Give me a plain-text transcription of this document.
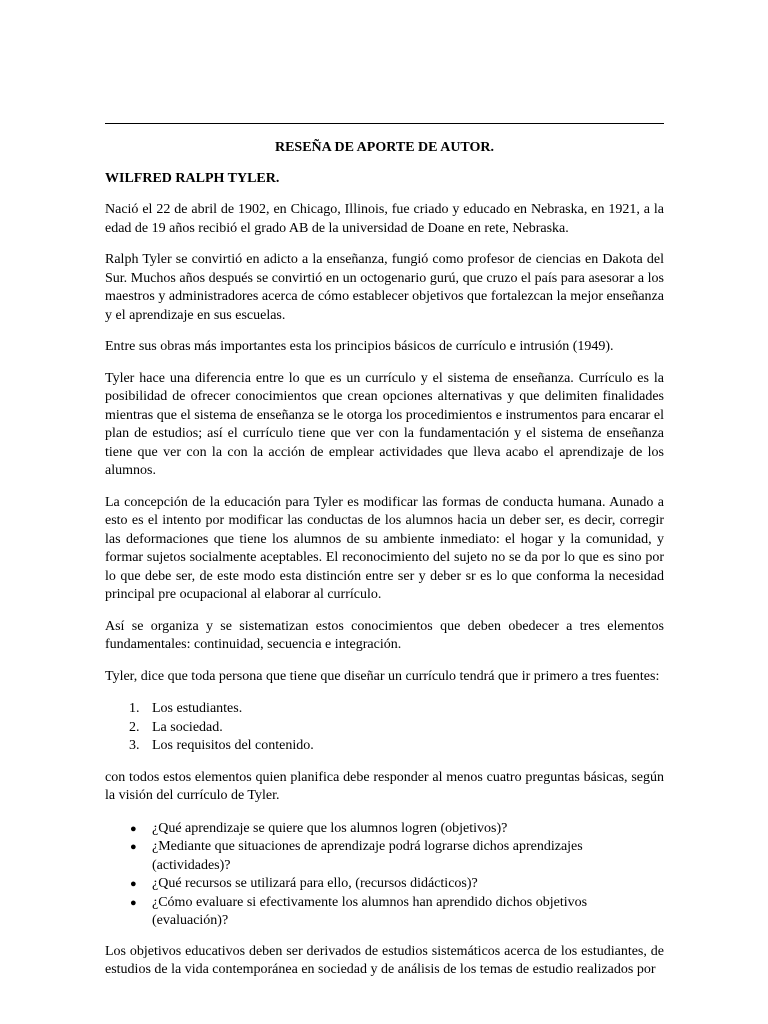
RESEÑA DE APORTE DE AUTOR.
WILFRED RALPH TYLER.

Nació el 22 de abril de 1902, en Chicago, Illinois, fue criado y educado en Nebraska, en 1921, a la edad de 19 años recibió el grado AB de la universidad de Doane en rete, Nebraska.

Ralph Tyler se convirtió en adicto a la enseñanza, fungió como profesor de ciencias en Dakota del Sur. Muchos años después se convirtió en un octogenario gurú, que cruzo el país para asesorar a los maestros y administradores acerca de cómo establecer objetivos que fortalezcan la mejor enseñanza y el aprendizaje en sus escuelas.

Entre sus obras más importantes esta los principios básicos de currículo e intrusión (1949).

Tyler hace una diferencia entre lo que es un currículo y el sistema de enseñanza. Currículo es la posibilidad de ofrecer conocimientos que crean opciones alternativas y que delimiten finalidades mientras que el sistema de enseñanza se le otorga los procedimientos e instrumentos para encarar el plan de estudios; así el currículo tiene que ver con la fundamentación y el sistema de enseñanza tiene que ver con la con la acción de emplear actividades que lleva acabo el aprendizaje de los alumnos.

La concepción de la educación para Tyler es modificar las formas de conducta humana. Aunado a esto es el intento por modificar las conductas de los alumnos hacia un deber ser, es decir, corregir las deformaciones que tiene los alumnos de su ambiente inmediato: el hogar y la comunidad, y formar sujetos socialmente aceptables. El reconocimiento del sujeto no se da por lo que es sino por lo que debe ser, de este modo esta distinción entre ser y deber sr es lo que conforma la necesidad principal pre ocupacional al elaborar al currículo.

Así se organiza y se sistematizan estos conocimientos que deben obedecer a tres elementos fundamentales: continuidad, secuencia e integración.

Tyler, dice que toda persona que tiene que diseñar un currículo tendrá que ir primero a tres fuentes:

1. Los estudiantes.
2. La sociedad.
3. Los requisitos del contenido.

con todos estos elementos quien planifica debe responder al menos cuatro preguntas básicas, según la visión del currículo de Tyler.

● ¿Qué aprendizaje se quiere que los alumnos logren (objetivos)?
● ¿Mediante que situaciones de aprendizaje podrá lograrse dichos aprendizajes (actividades)?
● ¿Qué recursos se utilizará para ello, (recursos didácticos)?
● ¿Cómo evaluare si efectivamente los alumnos han aprendido dichos objetivos (evaluación)?

Los objetivos educativos deben ser derivados de estudios sistemáticos acerca de los estudiantes, de estudios de la vida contemporánea en sociedad y de análisis de los temas de estudio realizados por
